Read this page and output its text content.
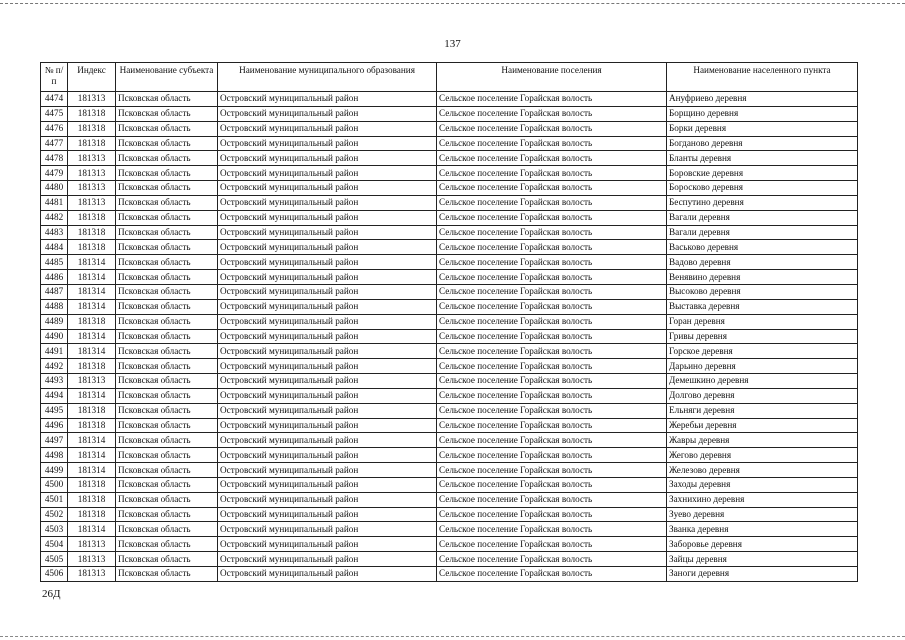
137
№ п/п	Индекс	Наименование субъекта	Наименование муниципального образования	Наименование поселения	Наименование населенного пункта
4474	181313	Псковская область	Островский муниципальный район	Сельское поселение Горайская волость	Ануфриево деревня
4475	181318	Псковская область	Островский муниципальный район	Сельское поселение Горайская волость	Борщино деревня
4476	181318	Псковская область	Островский муниципальный район	Сельское поселение Горайская волость	Борки деревня
4477	181318	Псковская область	Островский муниципальный район	Сельское поселение Горайская волость	Богданово деревня
4478	181313	Псковская область	Островский муниципальный район	Сельское поселение Горайская волость	Бланты деревня
4479	181313	Псковская область	Островский муниципальный район	Сельское поселение Горайская волость	Боровские деревня
4480	181313	Псковская область	Островский муниципальный район	Сельское поселение Горайская волость	Боросково деревня
4481	181313	Псковская область	Островский муниципальный район	Сельское поселение Горайская волость	Беспутино деревня
4482	181318	Псковская область	Островский муниципальный район	Сельское поселение Горайская волость	Вагали деревня
4483	181318	Псковская область	Островский муниципальный район	Сельское поселение Горайская волость	Вагали деревня
4484	181318	Псковская область	Островский муниципальный район	Сельское поселение Горайская волость	Васьково деревня
4485	181314	Псковская область	Островский муниципальный район	Сельское поселение Горайская волость	Вадово деревня
4486	181314	Псковская область	Островский муниципальный район	Сельское поселение Горайская волость	Венявино деревня
4487	181314	Псковская область	Островский муниципальный район	Сельское поселение Горайская волость	Высоково деревня
4488	181314	Псковская область	Островский муниципальный район	Сельское поселение Горайская волость	Выставка деревня
4489	181318	Псковская область	Островский муниципальный район	Сельское поселение Горайская волость	Горан деревня
4490	181314	Псковская область	Островский муниципальный район	Сельское поселение Горайская волость	Гривы деревня
4491	181314	Псковская область	Островский муниципальный район	Сельское поселение Горайская волость	Горское деревня
4492	181318	Псковская область	Островский муниципальный район	Сельское поселение Горайская волость	Дарьино деревня
4493	181313	Псковская область	Островский муниципальный район	Сельское поселение Горайская волость	Демешкино деревня
4494	181314	Псковская область	Островский муниципальный район	Сельское поселение Горайская волость	Долгово деревня
4495	181318	Псковская область	Островский муниципальный район	Сельское поселение Горайская волость	Ельняги деревня
4496	181318	Псковская область	Островский муниципальный район	Сельское поселение Горайская волость	Жеребьи деревня
4497	181314	Псковская область	Островский муниципальный район	Сельское поселение Горайская волость	Жавры деревня
4498	181314	Псковская область	Островский муниципальный район	Сельское поселение Горайская волость	Жегово деревня
4499	181314	Псковская область	Островский муниципальный район	Сельское поселение Горайская волость	Железово деревня
4500	181318	Псковская область	Островский муниципальный район	Сельское поселение Горайская волость	Заходы деревня
4501	181318	Псковская область	Островский муниципальный район	Сельское поселение Горайская волость	Захнихино деревня
4502	181318	Псковская область	Островский муниципальный район	Сельское поселение Горайская волость	Зуево деревня
4503	181314	Псковская область	Островский муниципальный район	Сельское поселение Горайская волость	Званка деревня
4504	181313	Псковская область	Островский муниципальный район	Сельское поселение Горайская волость	Заборовье деревня
4505	181313	Псковская область	Островский муниципальный район	Сельское поселение Горайская волость	Зайцы деревня
4506	181313	Псковская область	Островский муниципальный район	Сельское поселение Горайская волость	Заноги деревня
26Д
